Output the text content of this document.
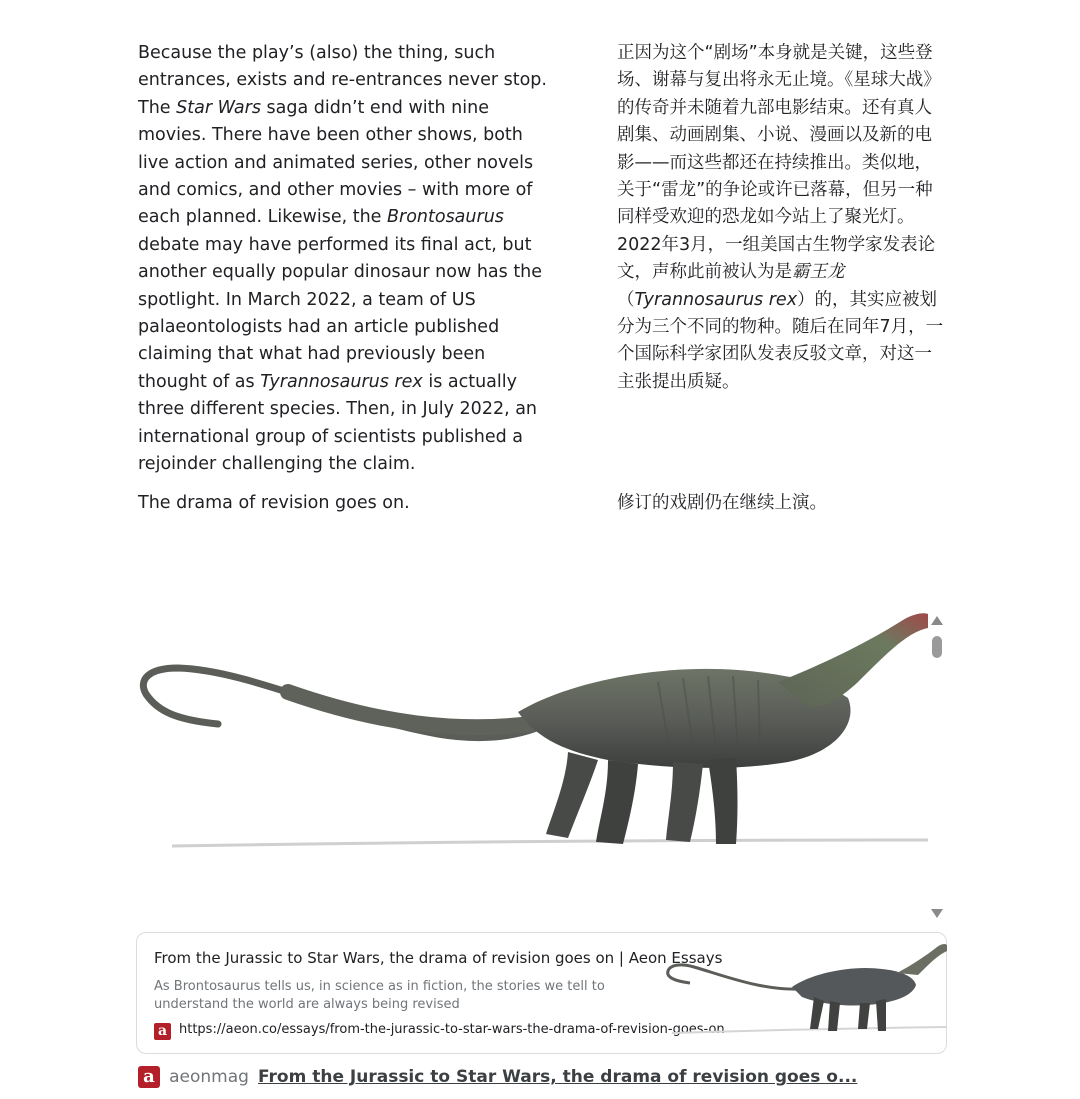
Because the play’s (also) the thing, such entrances, exists and re-entrances never stop. The Star Wars saga didn’t end with nine movies. There have been other shows, both live action and animated series, other novels and comics, and other movies – with more of each planned. Likewise, the Brontosaurus debate may have performed its final act, but another equally popular dinosaur now has the spotlight. In March 2022, a team of US palaeontologists had an article published claiming that what had previously been thought of as Tyrannosaurus rex is actually three different species. Then, in July 2022, an international group of scientists published a rejoinder challenging the claim.

正因为这个“剧场”本身就是关键，这些登场、谢幕与复出将永无止境。《星球大战》的传奇并未随着九部电影结束。还有真人剧集、动画剧集、小说、漫画以及新的电影——而这些都还在持续推出。类似地，关于“雷龙”的争论或许已落幕，但另一种同样受欢迎的恐龙如今站上了聚光灯。2022年3月，一组美国古生物学家发表论文，声称此前被认为是霸王龙（Tyrannosaurus rex）的，其实应被划分为三个不同的物种。随后在同年7月，一个国际科学家团队发表反驳文章，对这一主张提出质疑。

The drama of revision goes on.	修订的戏剧仍在继续上演。
From the Jurassic to Star Wars, the drama of revision goes on | Aeon Essays
As Brontosaurus tells us, in science as in fiction, the stories we tell to understand the world are always being revised
a https://aeon.co/essays/from-the-jurassic-to-star-wars-the-drama-of-revision-goes-on
a aeonmag From the Jurassic to Star Wars, the drama of revision goes o...
